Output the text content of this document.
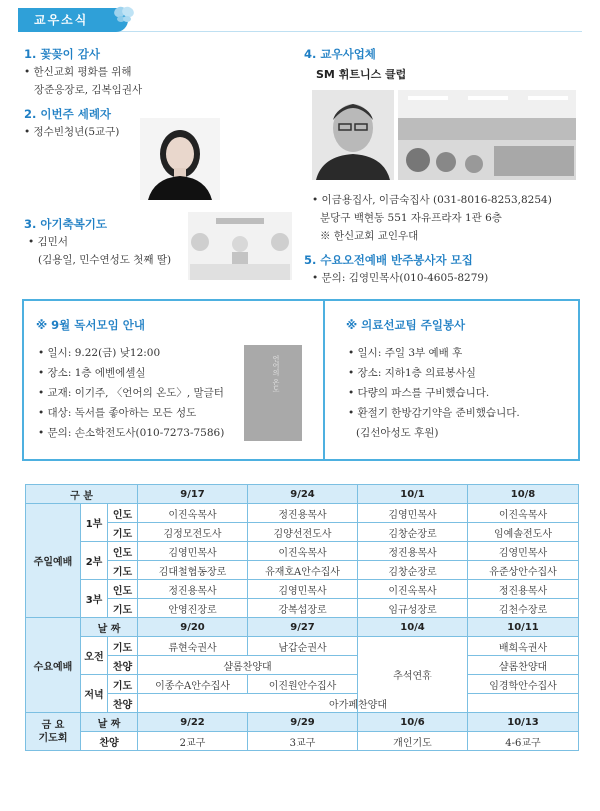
교우소식
1. 꽃꽂이 감사
• 한신교회 평화를 위해
장준응장로, 김복임권사
2. 이번주 세례자
• 정수빈청년(5교구)
3. 아기축복기도
• 김민서
(김용일, 민수연성도 첫째 딸)
4. 교우사업체
SM 휘트니스 클럽
• 이금용집사, 이금숙집사 (031-8016-8253,8254)
분당구 백현동 551 자유프라자 1관 6층
※ 한신교회 교인우대
5. 수요오전예배 반주봉사자 모집
• 문의: 김영민목사(010-4605-8279)
※ 9월 독서모임 안내
• 일시: 9.22(금) 낮12:00
• 장소: 1층 에벤에셀실
• 교재: 이기주, 〈언어의 온도〉, 말글터
• 대상: 독서를 좋아하는 모든 성도
• 문의: 손소학전도사(010-7273-7586)
언어의 온도
※ 의료선교팀 주일봉사
• 일시: 주일 3부 예배 후
• 장소: 지하1층 의료봉사실
• 다량의 파스를 구비했습니다.
• 환절기 한방감기약을 준비했습니다.
(김선아성도 후원)
구 분			9/17	9/24	10/1	10/8
주일예배	1부	인도	이진옥목사	정진용목사	김영민목사	이진옥목사
		기도	김정모전도사	김양선전도사	김창순장로	임예솔전도사
	2부	인도	김영민목사	이진옥목사	정진용목사	김영민목사
		기도	김대철협동장로	유재호A안수집사	김창순장로	유준상안수집사
	3부	인도	정진용목사	김영민목사	이진옥목사	정진용목사
		기도	안영진장로	강복섭장로	임규성장로	김천수장로
수요예배	날 짜		9/20	9/27	10/4	10/11
	오전	기도	류현숙권사	남갑순권사	추석연휴	배희옥권사
		찬양	샬롬찬양대			샬롬찬양대
	저녁	기도	이종수A안수집사	이진원안수집사		임경학안수집사
		찬양	아가페찬양대			

금 요
기도회	날 짜		9/22	9/29	10/6	10/13
	찬양		2교구	3교구	개인기도	4-6교구
